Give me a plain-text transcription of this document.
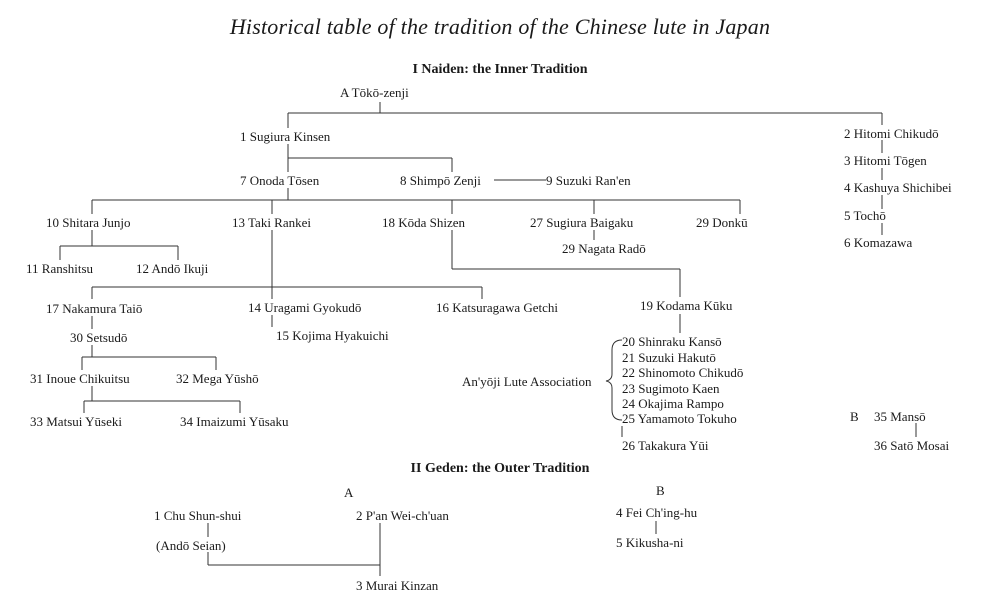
Historical table of the tradition of the Chinese lute in Japan
I Naiden: the Inner Tradition
II Geden: the Outer Tradition
A Tōkō-zenji
1 Sugiura Kinsen	2 Hitomi Chikudō
3 Hitomi Tōgen
4 Kashuya Shichibei
5 Tochō
6 Komazawa
7 Onoda Tōsen	8 Shimpō Zenji	9 Suzuki Ran'en
10 Shitara Junjo	13 Taki Rankei	18 Kōda Shizen	27 Sugiura Baigaku	29 Donkū
11 Ranshitsu	12 Andō Ikuji
29 Nagata Radō
17 Nakamura Taiō	14 Uragami Gyokudō	16 Katsuragawa Getchi	19 Kodama Kūku
15 Kojima Hyakuichi
30 Setsudō
31 Inoue Chikuitsu	32 Mega Yūshō
33 Matsui Yūseki	34 Imaizumi Yūsaku
An'yōji Lute Association
20 Shinraku Kansō
21 Suzuki Hakutō
22 Shinomoto Chikudō
23 Sugimoto Kaen
24 Okajima Rampo
25 Yamamoto Tokuho
26 Takakura Yūi
B 35 Mansō
36 Satō Mosai
A	B
1 Chu Shun-shui
(Andō Seian)
2 P'an Wei-ch'uan
3 Murai Kinzan
4 Fei Ch'ing-hu
5 Kikusha-ni
